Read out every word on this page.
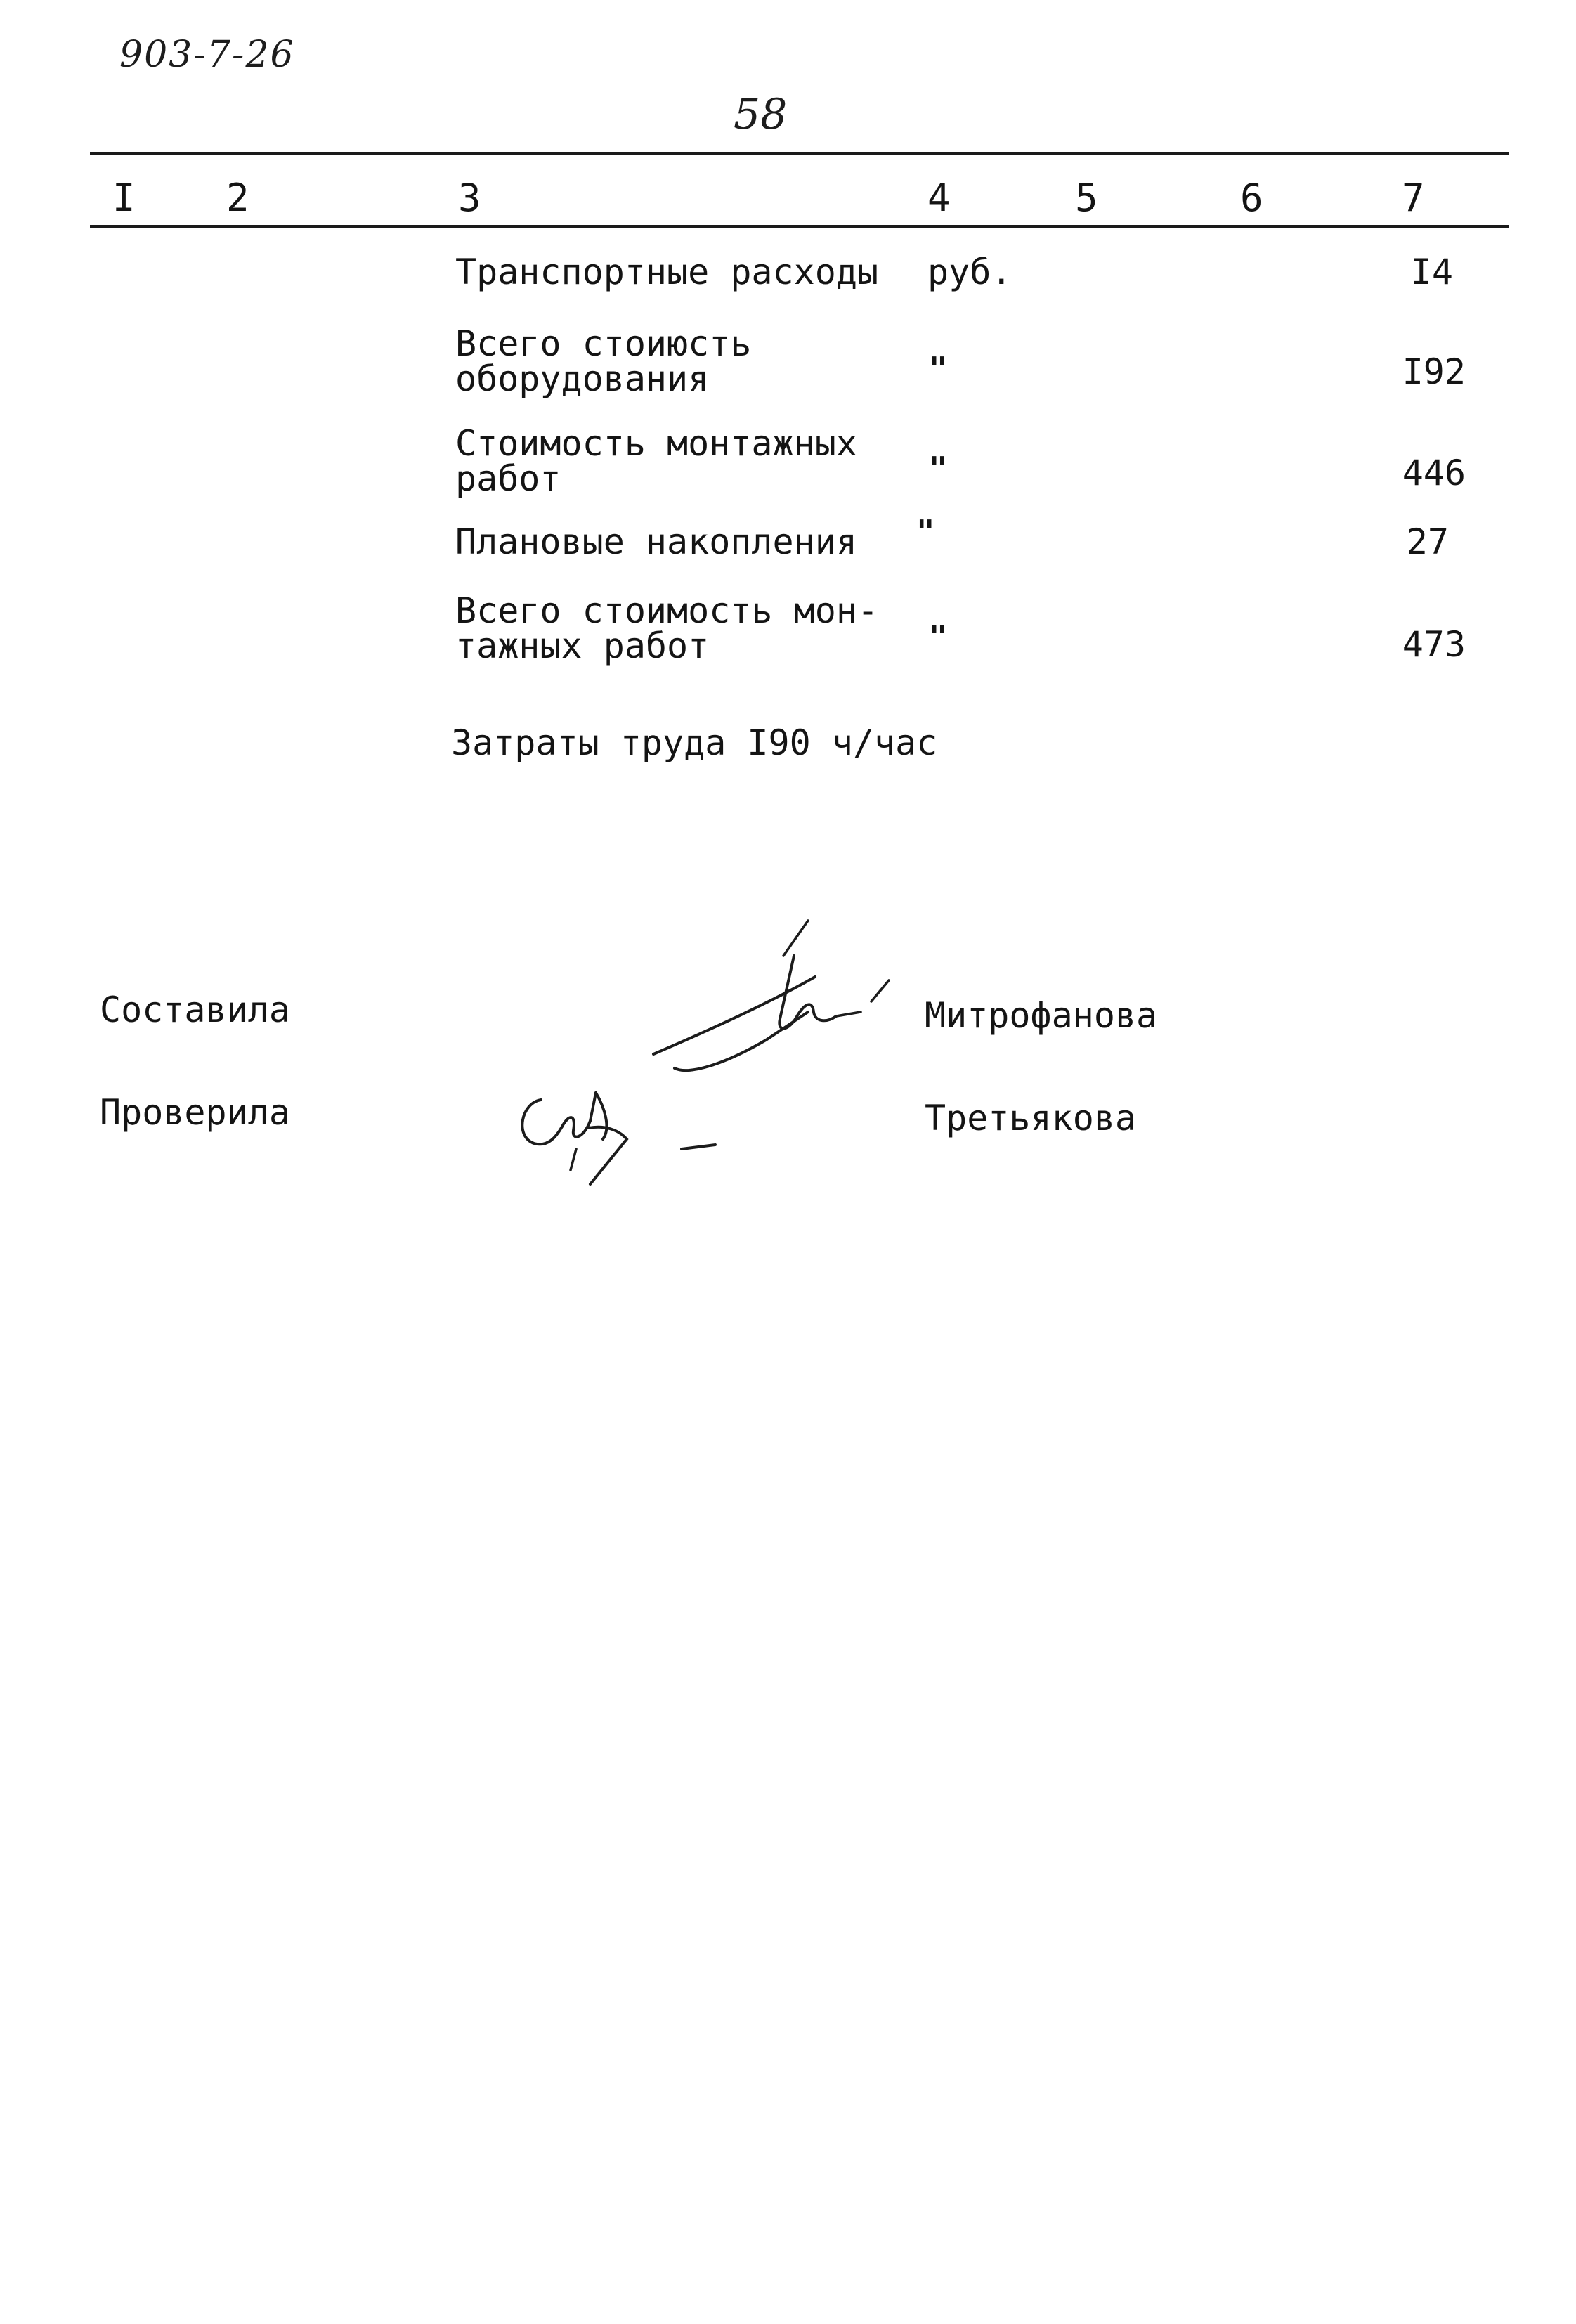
903-7-26
58
I 2	3	4	5	6	7
Транспортные расходы руб.	I4
Всего стоиюсть
оборудования	"	I92
Стоимость монтажных
работ	"	446
Плановые накопления "	27
Всего стоимость мон-
тажных работ	"	473
Затраты труда I90 ч/час
Составила	Митрофанова
Проверила	Третьякова
